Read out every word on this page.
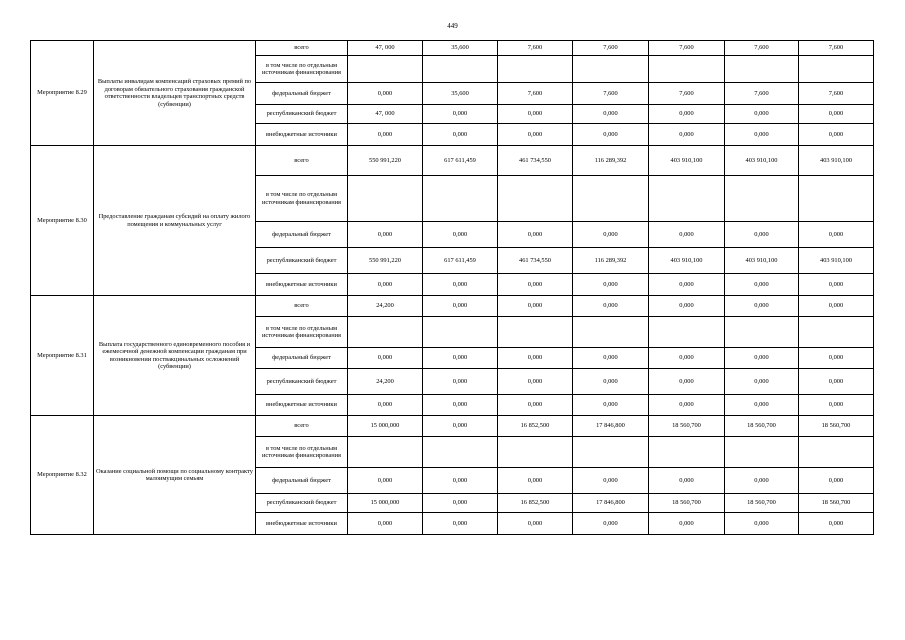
449
Мероприятие 8.29	Выплаты инвалидам компенсаций страховых премий по договорам обязательного страхования гражданской ответственности владельцев транспортных средств (субвенции)	всего	47, 000	35,600	7,600	7,600	7,600	7,600	7,600
		в том числе по отдельным источникам финансирования							
		федеральный бюджет	0,000	35,600	7,600	7,600	7,600	7,600	7,600
		республиканский бюджет	47, 000	0,000	0,000	0,000	0,000	0,000	0,000
		внебюджетные источники	0,000	0,000	0,000	0,000	0,000	0,000	0,000
Мероприятие 8.30	Предоставление гражданам субсидий на оплату жилого помещения и коммунальных услуг	всего	550 991,220	617 611,459	461 734,550	116 289,392	403 910,100	403 910,100	403 910,100
		в том числе по отдельным источникам финансирования							
		федеральный бюджет	0,000	0,000	0,000	0,000	0,000	0,000	0,000
		республиканский бюджет	550 991,220	617 611,459	461 734,550	116 289,392	403 910,100	403 910,100	403 910,100
		внебюджетные источники	0,000	0,000	0,000	0,000	0,000	0,000	0,000
Мероприятие 8.31	Выплата государственного единовременного пособия и ежемесячной денежной компенсации гражданам при возникновении поствакцинальных осложнений (субвенции)	всего	24,200	0,000	0,000	0,000	0,000	0,000	0,000
		в том числе по отдельным источникам финансирования							
		федеральный бюджет	0,000	0,000	0,000	0,000	0,000	0,000	0,000
		республиканский бюджет	24,200	0,000	0,000	0,000	0,000	0,000	0,000
		внебюджетные источники	0,000	0,000	0,000	0,000	0,000	0,000	0,000
Мероприятие 8.32	Оказание социальной помощи по социальному контракту малоимущим семьям	всего	15 000,000	0,000	16 852,500	17 846,800	18 560,700	18 560,700	18 560,700
		в том числе по отдельным источникам финансирования							
		федеральный бюджет	0,000	0,000	0,000	0,000	0,000	0,000	0,000
		республиканский бюджет	15 000,000	0,000	16 852,500	17 846,800	18 560,700	18 560,700	18 560,700
		внебюджетные источники	0,000	0,000	0,000	0,000	0,000	0,000	0,000
